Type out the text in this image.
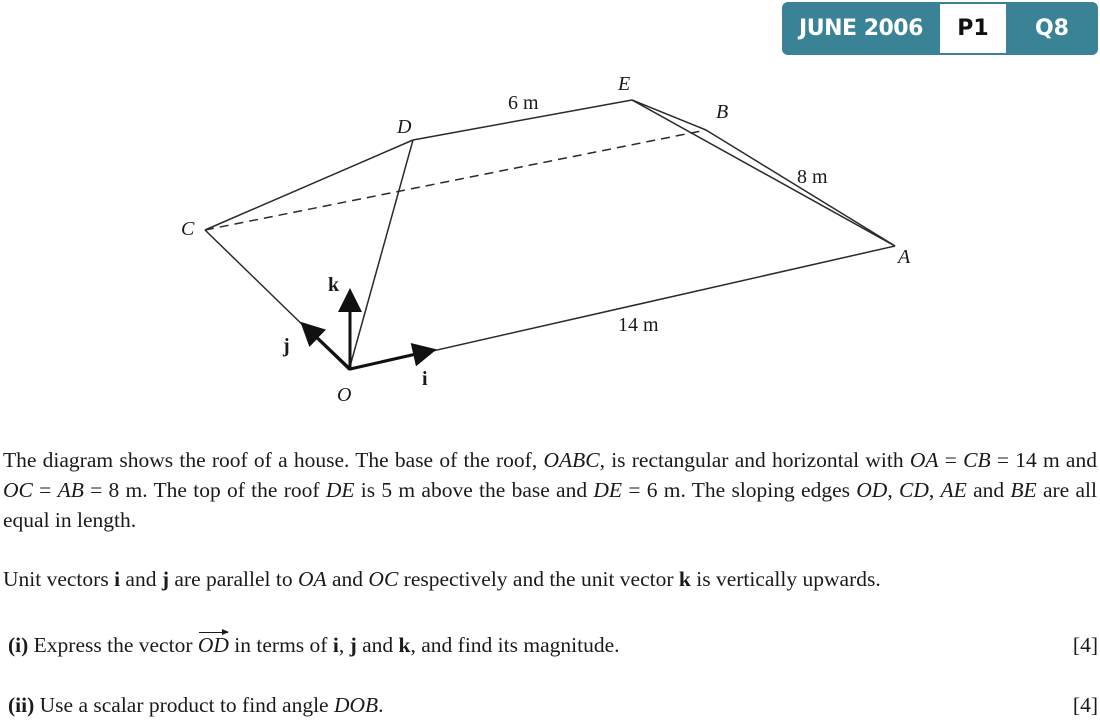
JUNE 2006	P1	Q8
O
A
B
C
D
E
i
j
k
6 m
8 m
14 m

The diagram shows the roof of a house. The base of the roof, OABC, is rectangular and horizontal with OA = CB = 14 m and OC = AB = 8 m. The top of the roof DE is 5 m above the base and DE = 6 m. The sloping edges OD, CD, AE and BE are all equal in length.

Unit vectors i and j are parallel to OA and OC respectively and the unit vector k is vertically upwards.

(i) Express the vector OD in terms of i, j and k, and find its magnitude.	[4]
(ii) Use a scalar product to find angle DOB.	[4]
